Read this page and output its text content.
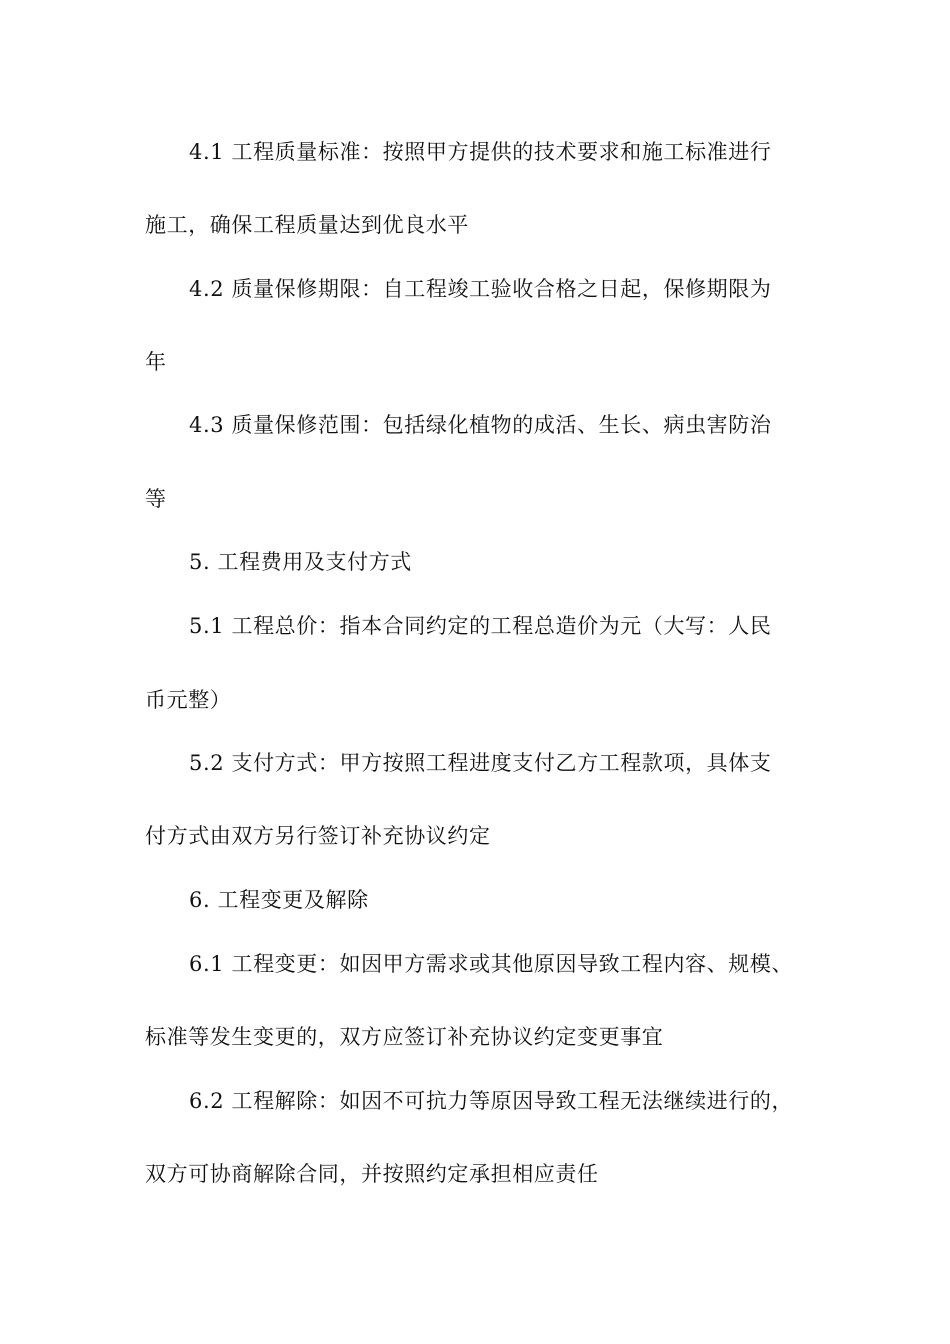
4.1 工程质量标准：按照甲方提供的技术要求和施工标准进行
施工，确保工程质量达到优良水平
4.2 质量保修期限：自工程竣工验收合格之日起，保修期限为
年
4.3 质量保修范围：包括绿化植物的成活、生长、病虫害防治
等
5. 工程费用及支付方式
5.1 工程总价：指本合同约定的工程总造价为元（大写：人民
币元整）
5.2 支付方式：甲方按照工程进度支付乙方工程款项，具体支
付方式由双方另行签订补充协议约定
6. 工程变更及解除
6.1 工程变更：如因甲方需求或其他原因导致工程内容、规模、
标准等发生变更的，双方应签订补充协议约定变更事宜
6.2 工程解除：如因不可抗力等原因导致工程无法继续进行的，
双方可协商解除合同，并按照约定承担相应责任
